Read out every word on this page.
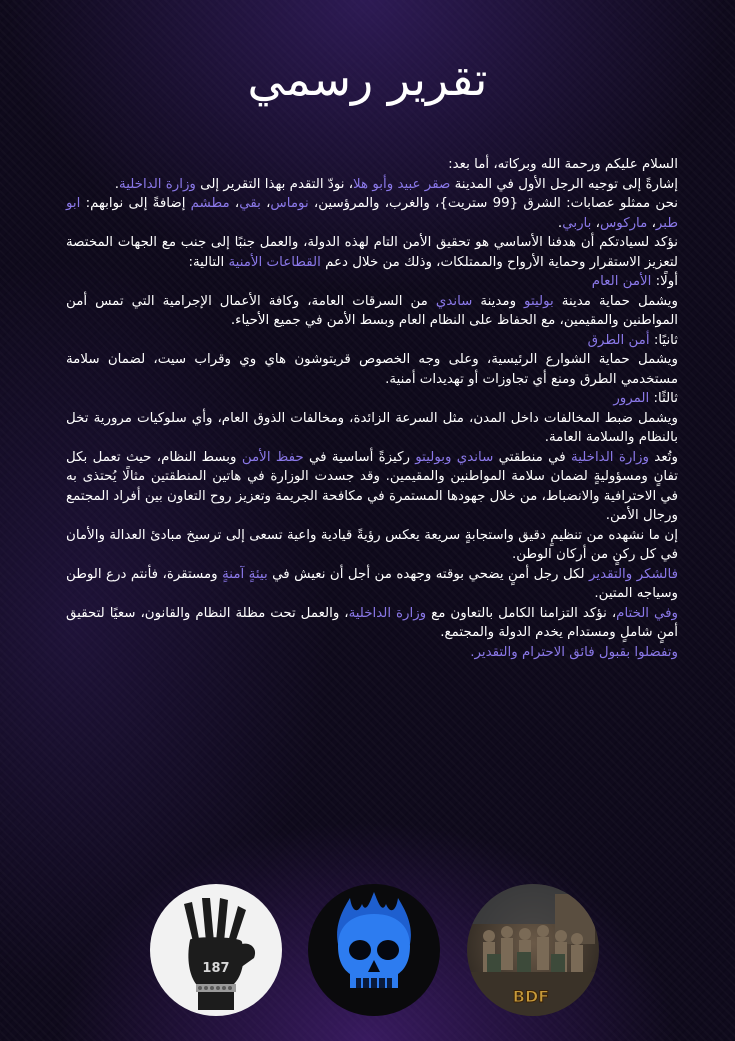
تقرير رسمي

السلام عليكم ورحمة الله وبركاته، أما بعد:

إشارةً إلى توجيه الرجل الأول في المدينة صقر عبيد وأبو هلا، نودّ التقدم بهذا التقرير إلى وزارة الداخلية.

نحن ممثلو عصابات: الشرق {99 ستريت}، والغرب، والمرؤسين، نوماس، بقي، مطشم إضافةً إلى نوابهم: ابو طبر، ماركوس، باربي.

نؤكد لسيادتكم أن هدفنا الأساسي هو تحقيق الأمن التام لهذه الدولة، والعمل جنبًا إلى جنب مع الجهات المختصة لتعزيز الاستقرار وحماية الأرواح والممتلكات، وذلك من خلال دعم القطاعات الأمنية التالية:

أولًا: الأمن العام

ويشمل حماية مدينة بوليتو ومدينة ساندي من السرقات العامة، وكافة الأعمال الإجرامية التي تمس أمن المواطنين والمقيمين، مع الحفاظ على النظام العام وبسط الأمن في جميع الأحياء.

ثانيًا: أمن الطرق

ويشمل حماية الشوارع الرئيسية، وعلى وجه الخصوص قريتوشون هاي وي وقراب سيت، لضمان سلامة مستخدمي الطرق ومنع أي تجاوزات أو تهديدات أمنية.

ثالثًا: المرور

ويشمل ضبط المخالفات داخل المدن، مثل السرعة الزائدة، ومخالفات الذوق العام، وأي سلوكيات مرورية تخل بالنظام والسلامة العامة.

وتُعد وزارة الداخلية في منطقتي ساندي وبوليتو ركيزةً أساسية في حفظ الأمن وبسط النظام، حيث تعمل بكل تفانٍ ومسؤوليةٍ لضمان سلامة المواطنين والمقيمين. وقد جسدت الوزارة في هاتين المنطقتين مثالًا يُحتذى به في الاحترافية والانضباط، من خلال جهودها المستمرة في مكافحة الجريمة وتعزيز روح التعاون بين أفراد المجتمع ورجال الأمن.

إن ما نشهده من تنظيمٍ دقيق واستجابةٍ سريعة يعكس رؤيةً قيادية واعية تسعى إلى ترسيخ مبادئ العدالة والأمان في كل ركنٍ من أركان الوطن.

فالشكر والتقدير لكل رجل أمنٍ يضحي بوقته وجهده من أجل أن نعيش في بيئةٍ آمنةٍ ومستقرة، فأنتم درع الوطن وسياجه المتين.

وفي الختام، نؤكد التزامنا الكامل بالتعاون مع وزارة الداخلية، والعمل تحت مظلة النظام والقانون، سعيًا لتحقيق أمنٍ شاملٍ ومستدام يخدم الدولة والمجتمع.

وتفضلوا بقبول فائق الاحترام والتقدير.

BDF
187
